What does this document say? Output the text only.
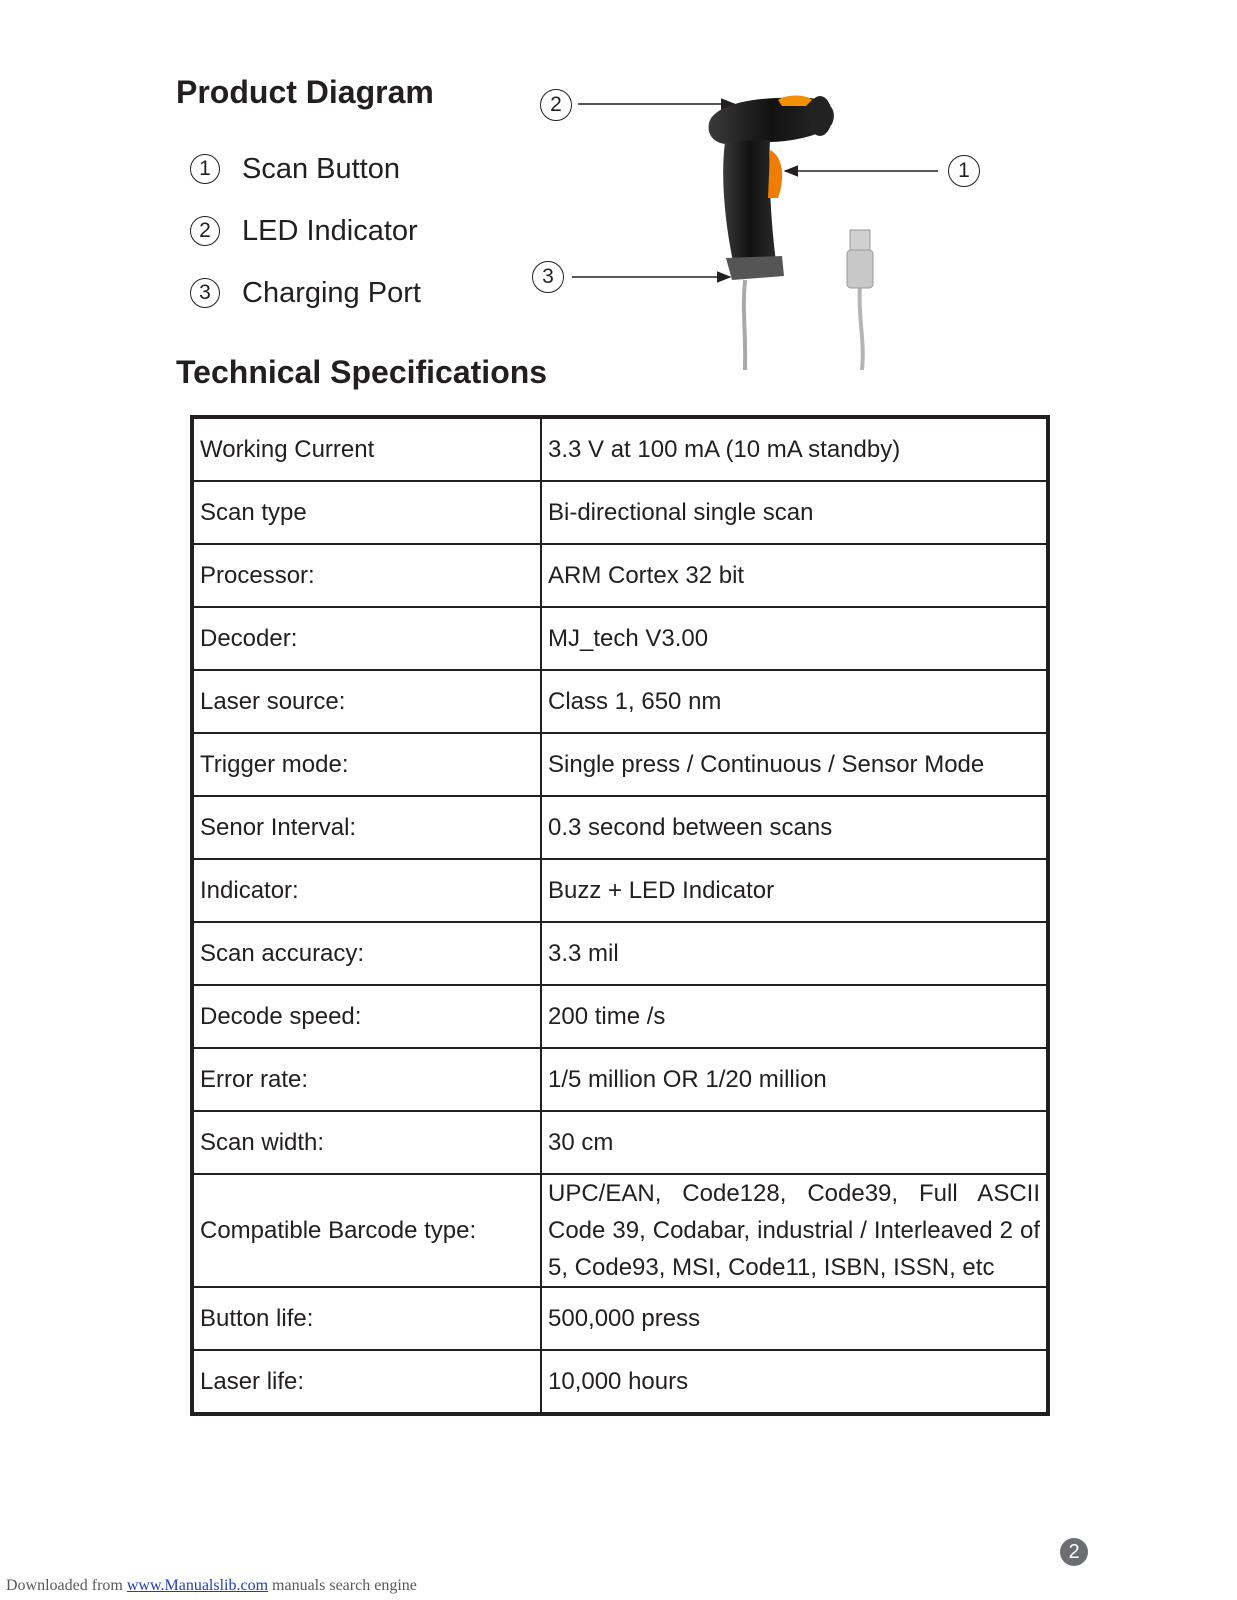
Product Diagram
1	Scan Button
2	LED Indicator
3	Charging Port
2
1
3
Technical Specifications
Working Current	3.3 V at 100 mA (10 mA standby)
Scan type	Bi-directional single scan
Processor:	ARM Cortex 32 bit
Decoder:	MJ_tech V3.00
Laser source:	Class 1, 650 nm
Trigger mode:	Single press / Continuous / Sensor Mode
Senor Interval:	0.3 second between scans
Indicator:	Buzz + LED Indicator
Scan accuracy:	3.3 mil
Decode speed:	200 time /s
Error rate:	1/5 million OR 1/20 million
Scan width:	30 cm
Compatible Barcode type:	UPC/EAN, Code128, Code39, Full ASCII Code 39, Codabar, industrial / Interleaved 2 of 5, Code93, MSI, Code11, ISBN, ISSN, etc
Button life:	500,000 press
Laser life:	10,000 hours
2
Downloaded from www.Manualslib.com manuals search engine
